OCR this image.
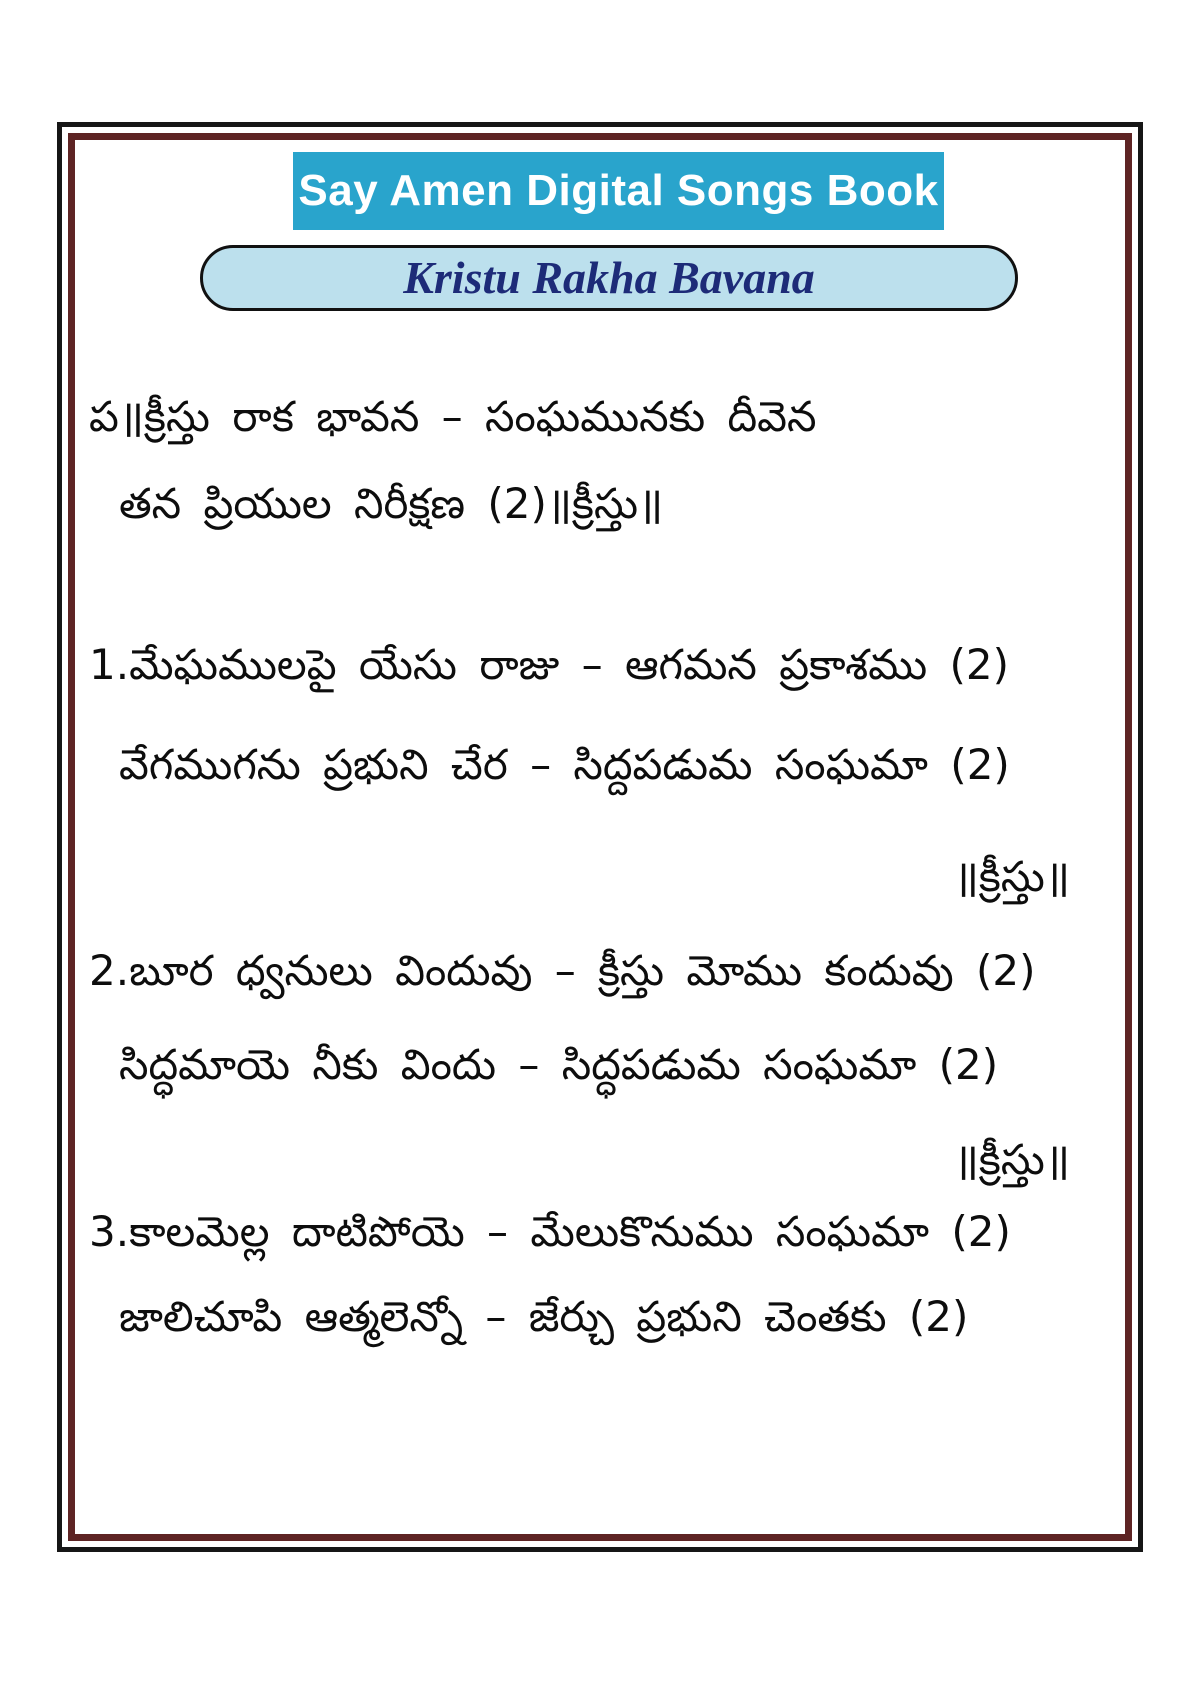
Say Amen Digital Songs Book
Kristu Rakha Bavana
ప॥క్రీస్తు రాక భావన – సంఘమునకు దీవెన
తన ప్రియుల నిరీక్షణ (2)॥క్రీస్తు॥
1.మేఘములపై యేసు రాజు – ఆగమన ప్రకాశము (2)
వేగముగను ప్రభుని చేర – సిద్దపడుమ సంఘమా (2)
॥క్రీస్తు॥
2.బూర ధ్వనులు విందువు – క్రీస్తు మోము కందువు (2)
సిద్ధమాయె నీకు విందు – సిద్ధపడుమ సంఘమా (2)
॥క్రీస్తు॥
3.కాలమెల్ల దాటిపోయె – మేలుకొనుము సంఘమా (2)
జాలిచూపి ఆత్మలెన్నో – జేర్చు ప్రభుని చెంతకు (2)
